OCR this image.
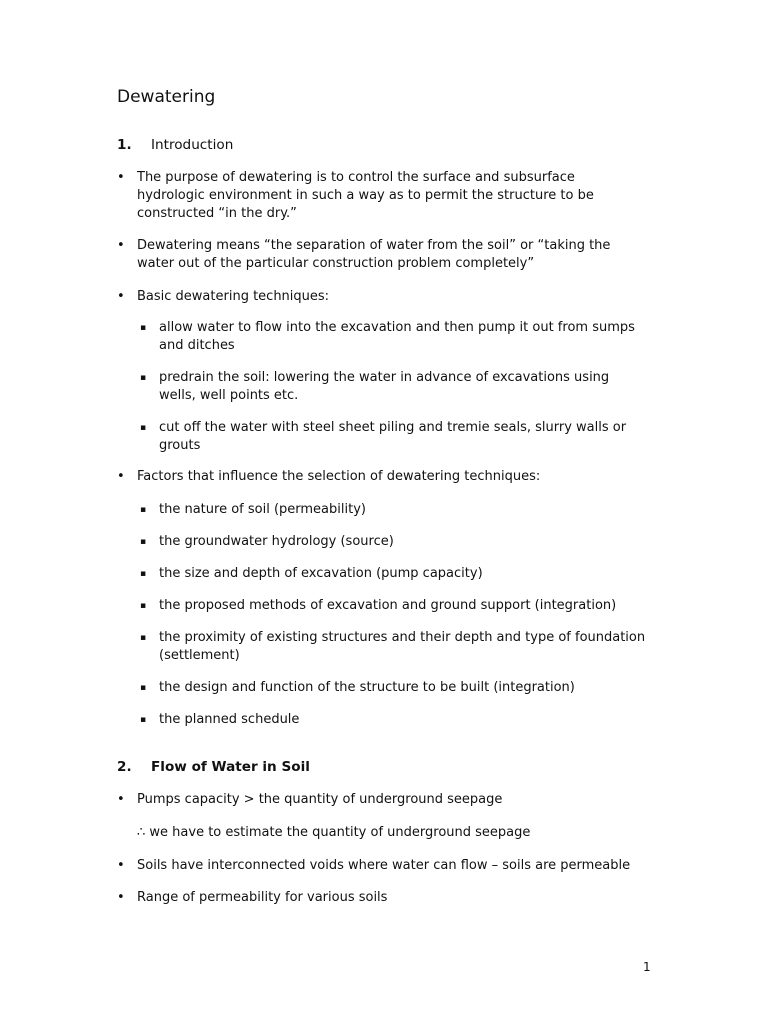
Dewatering
1. Introduction

• The purpose of dewatering is to control the surface and subsurface hydrologic environment in such a way as to permit the structure to be constructed “in the dry.”

• Dewatering means “the separation of water from the soil” or “taking the water out of the particular construction problem completely”

• Basic dewatering techniques:

▪ allow water to flow into the excavation and then pump it out from sumps and ditches

▪ predrain the soil: lowering the water in advance of excavations using wells, well points etc.

▪ cut off the water with steel sheet piling and tremie seals, slurry walls or grouts

• Factors that influence the selection of dewatering techniques:

▪ the nature of soil (permeability)

▪ the groundwater hydrology (source)

▪ the size and depth of excavation (pump capacity)

▪ the proposed methods of excavation and ground support (integration)

▪ the proximity of existing structures and their depth and type of foundation (settlement)

▪ the design and function of the structure to be built (integration)

▪ the planned schedule

2. Flow of Water in Soil

• Pumps capacity > the quantity of underground seepage

∴ we have to estimate the quantity of underground seepage

• Soils have interconnected voids where water can flow – soils are permeable

• Range of permeability for various soils

1
